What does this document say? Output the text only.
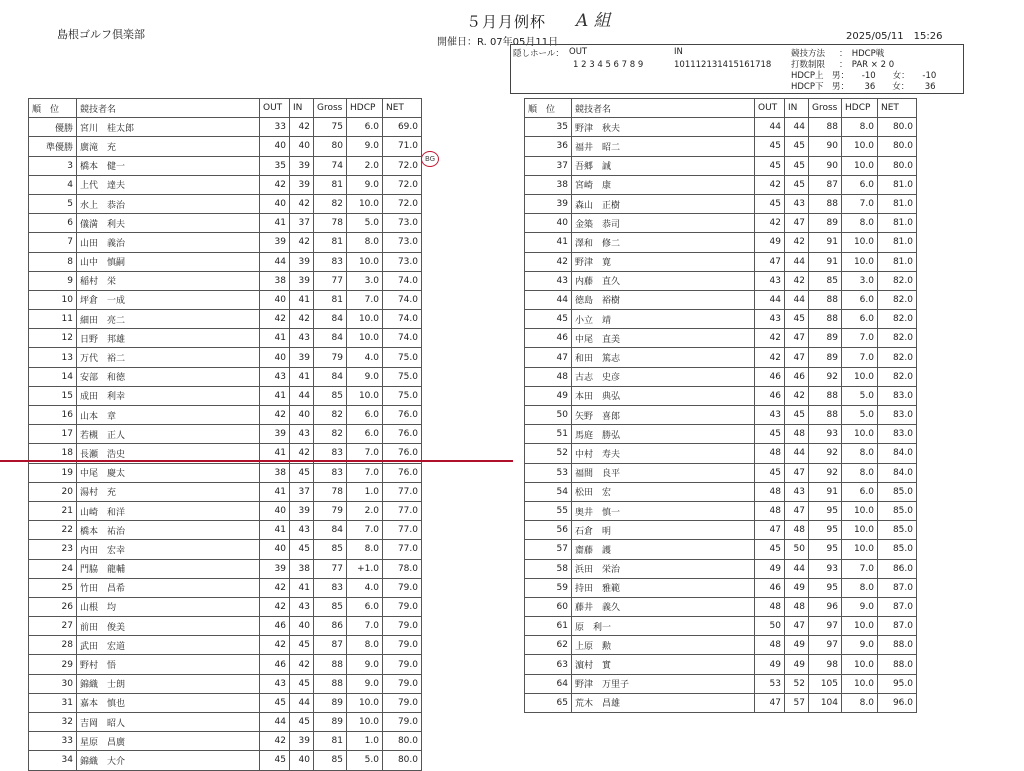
島根ゴルフ倶楽部
５月月例杯 A 組
開催日：R. 07年05月11日
2025/05/11　15:26
隠しホール： OUT
1 2 3 4 5 6 7 8 9
IN
101112131415161718
競技方法 ：　HDCP戦
打数制限 ：　PAR × 2 0
HDCP上　男：　　-10　　女：　　-10
HDCP下　男：　　 36　　女：　　 36
順　位	競技者名	OUT	IN	Gross	HDCP	NET
優勝	宮川　桂太郎	33	42	75	6.0	69.0
準優勝	廣滝　充	40	40	80	9.0	71.0
3	橋本　健一	35	39	74	2.0	72.0
4	上代　達夫	42	39	81	9.0	72.0
5	水上　恭治	40	42	82	10.0	72.0
6	儀満　利夫	41	37	78	5.0	73.0
7	山田　義治	39	42	81	8.0	73.0
8	山中　慎嗣	44	39	83	10.0	73.0
9	稲村　栄	38	39	77	3.0	74.0
10	坪倉　一成	40	41	81	7.0	74.0
11	細田　亮二	42	42	84	10.0	74.0
12	日野　邦雄	41	43	84	10.0	74.0
13	万代　裕二	40	39	79	4.0	75.0
14	安部　和徳	43	41	84	9.0	75.0
15	成田　利幸	41	44	85	10.0	75.0
16	山本　章	42	40	82	6.0	76.0
17	若槻　正人	39	43	82	6.0	76.0
18	長瀬　浩史	41	42	83	7.0	76.0
19	中尾　慶太	38	45	83	7.0	76.0
20	湯村　充	41	37	78	1.0	77.0
21	山崎　和洋	40	39	79	2.0	77.0
22	橋本　祐治	41	43	84	7.0	77.0
23	内田　宏幸	40	45	85	8.0	77.0
24	門脇　龍輔	39	38	77	+1.0	78.0
25	竹田　昌希	42	41	83	4.0	79.0
26	山根　均	42	43	85	6.0	79.0
27	前田　俊美	46	40	86	7.0	79.0
28	武田　宏道	42	45	87	8.0	79.0
29	野村　悟	46	42	88	9.0	79.0
30	錦織　士朗	43	45	88	9.0	79.0
31	嘉本　慎也	45	44	89	10.0	79.0
32	吉岡　昭人	44	45	89	10.0	79.0
33	星原　昌廣	42	39	81	1.0	80.0
34	錦織　大介	45	40	85	5.0	80.0
順　位	競技者名	OUT	IN	Gross	HDCP	NET
35	野津　秋夫	44	44	88	8.0	80.0
36	福井　昭二	45	45	90	10.0	80.0
37	吾郷　誠	45	45	90	10.0	80.0
38	宮崎　康	42	45	87	6.0	81.0
39	森山　正樹	45	43	88	7.0	81.0
40	金築　恭司	42	47	89	8.0	81.0
41	澤和　修二	49	42	91	10.0	81.0
42	野津　寛	47	44	91	10.0	81.0
43	内藤　直久	43	42	85	3.0	82.0
44	徳島　裕樹	44	44	88	6.0	82.0
45	小立　靖	43	45	88	6.0	82.0
46	中尾　直美	42	47	89	7.0	82.0
47	和田　篤志	42	47	89	7.0	82.0
48	古志　史彦	46	46	92	10.0	82.0
49	本田　典弘	46	42	88	5.0	83.0
50	矢野　喜郎	43	45	88	5.0	83.0
51	馬庭　勝弘	45	48	93	10.0	83.0
52	中村　寿夫	48	44	92	8.0	84.0
53	福間　良平	45	47	92	8.0	84.0
54	松田　宏	48	43	91	6.0	85.0
55	奥井　慎一	48	47	95	10.0	85.0
56	石倉　明	47	48	95	10.0	85.0
57	齋藤　護	45	50	95	10.0	85.0
58	浜田　栄治	49	44	93	7.0	86.0
59	持田　雅範	46	49	95	8.0	87.0
60	藤井　義久	48	48	96	9.0	87.0
61	原　利一	50	47	97	10.0	87.0
62	上原　勲	48	49	97	9.0	88.0
63	濵村　實	49	49	98	10.0	88.0
64	野津　万里子	53	52	105	10.0	95.0
65	荒木　昌雄	47	57	104	8.0	96.0
BG
